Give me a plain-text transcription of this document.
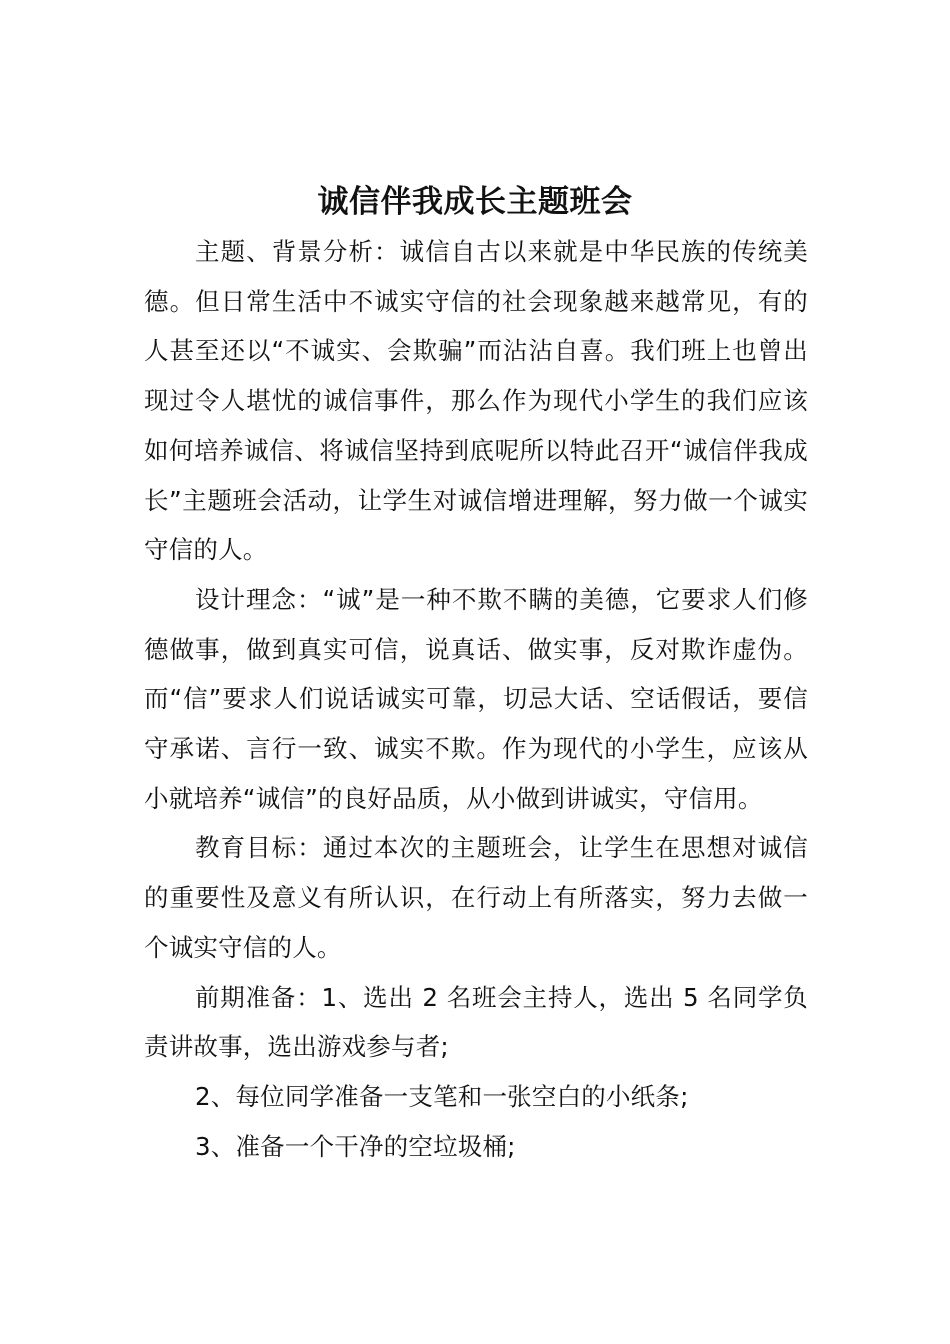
诚信伴我成长主题班会

主题、背景分析：诚信自古以来就是中华民族的传统美德。但日常生活中不诚实守信的社会现象越来越常见，有的人甚至还以“不诚实、会欺骗”而沾沾自喜。我们班上也曾出现过令人堪忧的诚信事件，那么作为现代小学生的我们应该如何培养诚信、将诚信坚持到底呢所以特此召开“诚信伴我成长”主题班会活动，让学生对诚信增进理解，努力做一个诚实守信的人。

设计理念：“诚”是一种不欺不瞒的美德，它要求人们修德做事，做到真实可信，说真话、做实事，反对欺诈虚伪。而“信”要求人们说话诚实可靠，切忌大话、空话假话，要信守承诺、言行一致、诚实不欺。作为现代的小学生，应该从小就培养“诚信”的良好品质，从小做到讲诚实，守信用。

教育目标：通过本次的主题班会，让学生在思想对诚信的重要性及意义有所认识，在行动上有所落实，努力去做一个诚实守信的人。

前期准备：1、选出 2 名班会主持人，选出 5 名同学负责讲故事，选出游戏参与者;

2、每位同学准备一支笔和一张空白的小纸条;

3、准备一个干净的空垃圾桶;
